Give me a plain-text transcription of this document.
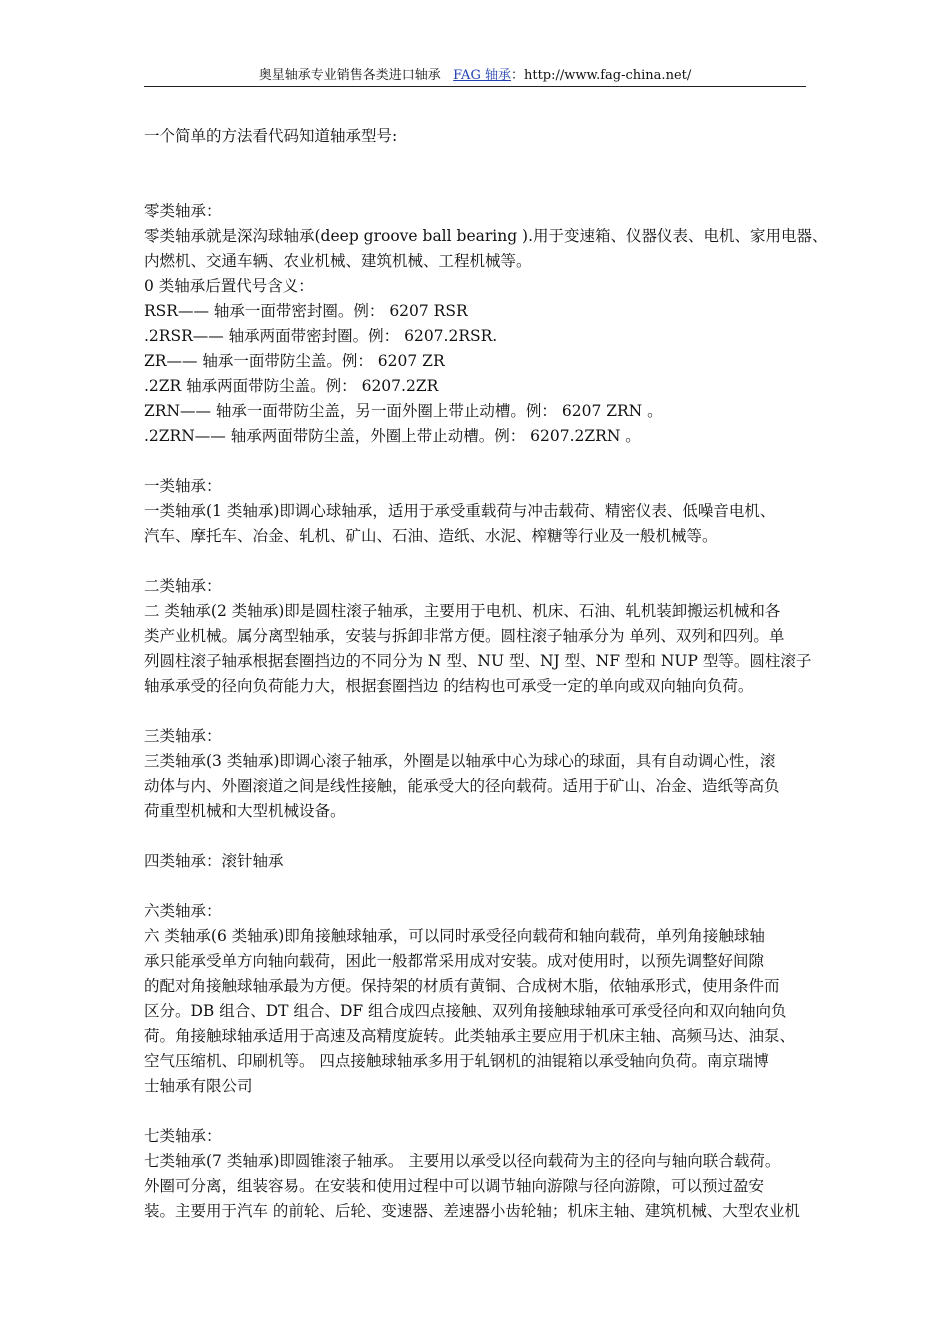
奥星轴承专业销售各类进口轴承 FAG 轴承：http://www.fag-china.net/

一个简单的方法看代码知道轴承型号:

零类轴承：

零类轴承就是深沟球轴承(deep groove ball bearing ).用于变速箱、仪器仪表、电机、家用电器、

内燃机、交通车辆、农业机械、建筑机械、工程机械等。

0 类轴承后置代号含义：

RSR—— 轴承一面带密封圈。例： 6207 RSR

.2RSR—— 轴承两面带密封圈。例： 6207.2RSR.

ZR—— 轴承一面带防尘盖。例： 6207 ZR

.2ZR 轴承两面带防尘盖。例： 6207.2ZR

ZRN—— 轴承一面带防尘盖，另一面外圈上带止动槽。例： 6207 ZRN 。

.2ZRN—— 轴承两面带防尘盖，外圈上带止动槽。例： 6207.2ZRN 。

一类轴承：

一类轴承(1 类轴承)即调心球轴承，适用于承受重载荷与冲击载荷、精密仪表、低噪音电机、

汽车、摩托车、冶金、轧机、矿山、石油、造纸、水泥、榨糖等行业及一般机械等。

二类轴承：

二 类轴承(2 类轴承)即是圆柱滚子轴承，主要用于电机、机床、石油、轧机装卸搬运机械和各

类产业机械。属分离型轴承，安装与拆卸非常方便。圆柱滚子轴承分为 单列、双列和四列。单

列圆柱滚子轴承根据套圈挡边的不同分为 N 型、NU 型、NJ 型、NF 型和 NUP 型等。圆柱滚子

轴承承受的径向负荷能力大，根据套圈挡边 的结构也可承受一定的单向或双向轴向负荷。

三类轴承：

三类轴承(3 类轴承)即调心滚子轴承，外圈是以轴承中心为球心的球面，具有自动调心性，滚

动体与内、外圈滚道之间是线性接触，能承受大的径向载荷。适用于矿山、冶金、造纸等高负

荷重型机械和大型机械设备。

四类轴承：滚针轴承

六类轴承：

六 类轴承(6 类轴承)即角接触球轴承，可以同时承受径向载荷和轴向载荷，单列角接触球轴

承只能承受单方向轴向载荷，困此一般都常采用成对安装。成对使用时，以预先调整好间隙

的配对角接触球轴承最为方便。保持架的材质有黄铜、合成树木脂，依轴承形式，使用条件而

区分。DB 组合、DT 组合、DF 组合成四点接触、双列角接触球轴承可承受径向和双向轴向负

荷。角接触球轴承适用于高速及高精度旋转。此类轴承主要应用于机床主轴、高频马达、油泵、

空气压缩机、印刷机等。 四点接触球轴承多用于轧钢机的油锟箱以承受轴向负荷。南京瑞博

士轴承有限公司

七类轴承：

七类轴承(7 类轴承)即圆锥滚子轴承。 主要用以承受以径向载荷为主的径向与轴向联合载荷。

外圈可分离，组装容易。在安装和使用过程中可以调节轴向游隙与径向游隙，可以预过盈安

装。主要用于汽车 的前轮、后轮、变速器、差速器小齿轮轴；机床主轴、建筑机械、大型农业机
